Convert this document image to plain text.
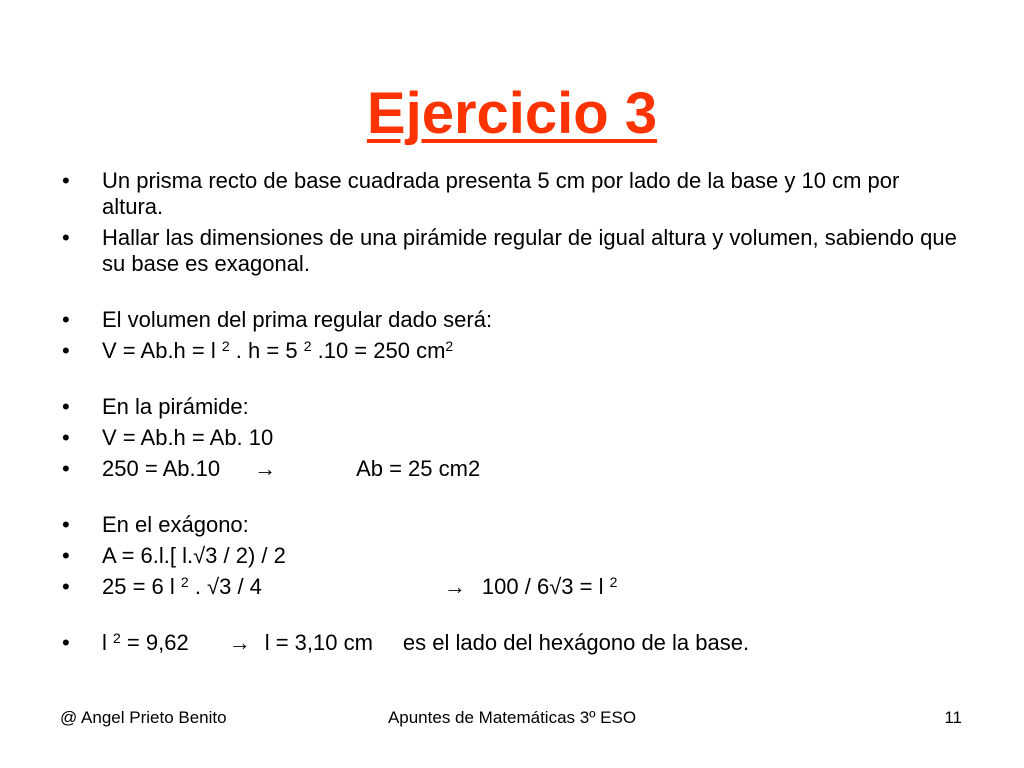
Ejercicio 3
• Un prisma recto de base cuadrada presenta 5 cm por lado de la base y 10 cm por altura.
• Hallar las dimensiones de una pirámide regular de igual altura y volumen, sabiendo que su base es exagonal.
• El volumen del prima regular dado será:
• V = Ab.h = l $^2$ . h = 5 $^2$ .10 = 250 $cm^2$
• En la pirámide:
• V = Ab.h = Ab. 10
• 250 = Ab.10 →	Ab = 25 cm2
• En el exágono:
• A = 6.l.[ l.√3 / 2) / 2
• 25 = 6 l $^2$ . √3 / 4	→ 100 / 6√3 = l $^2$
• l $^2$ = 9,62 → l = 3,10 cm es el lado del hexágono de la base.
@ Angel Prieto Benito	Apuntes de Matemáticas 3º ESO	11
